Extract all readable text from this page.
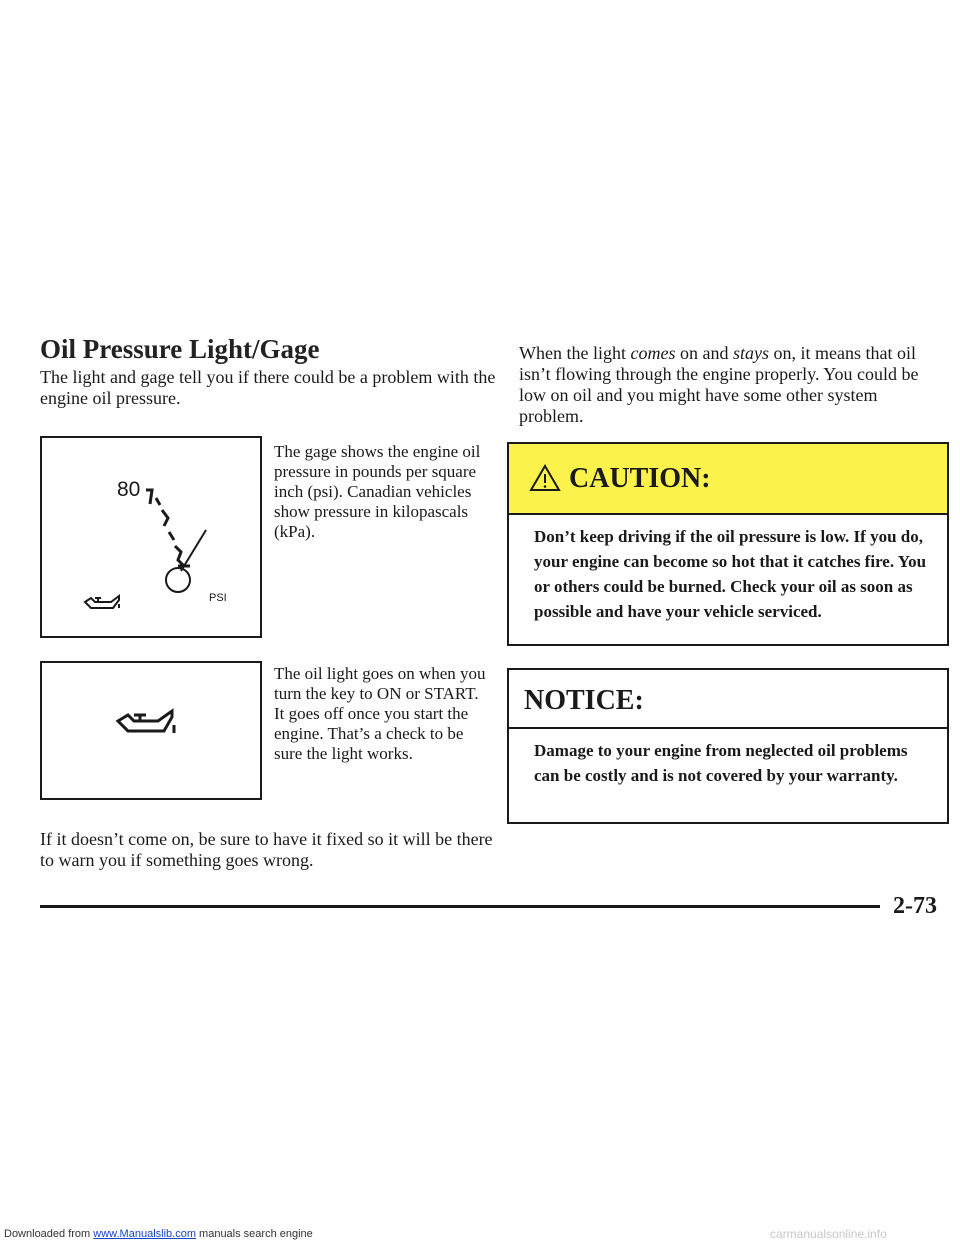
Oil Pressure Light/Gage

The light and gage tell you if there could be a problem with the engine oil pressure.

80
PSI

The gage shows the engine oil pressure in pounds per square inch (psi). Canadian vehicles show pressure in kilopascals (kPa).

The oil light goes on when you turn the key to ON or START. It goes off once you start the engine. That’s a check to be sure the light works.

If it doesn’t come on, be sure to have it fixed so it will be there to warn you if something goes wrong.

When the light comes on and stays on, it means that oil isn’t flowing through the engine properly. You could be low on oil and you might have some other system problem.

CAUTION:
Don’t keep driving if the oil pressure is low. If you do, your engine can become so hot that it catches fire. You or others could be burned. Check your oil as soon as possible and have your vehicle serviced.
NOTICE:
Damage to your engine from neglected oil problems can be costly and is not covered by your warranty.
2-73
Downloaded from www.Manualslib.com manuals search engine	carmanualsonline.info
